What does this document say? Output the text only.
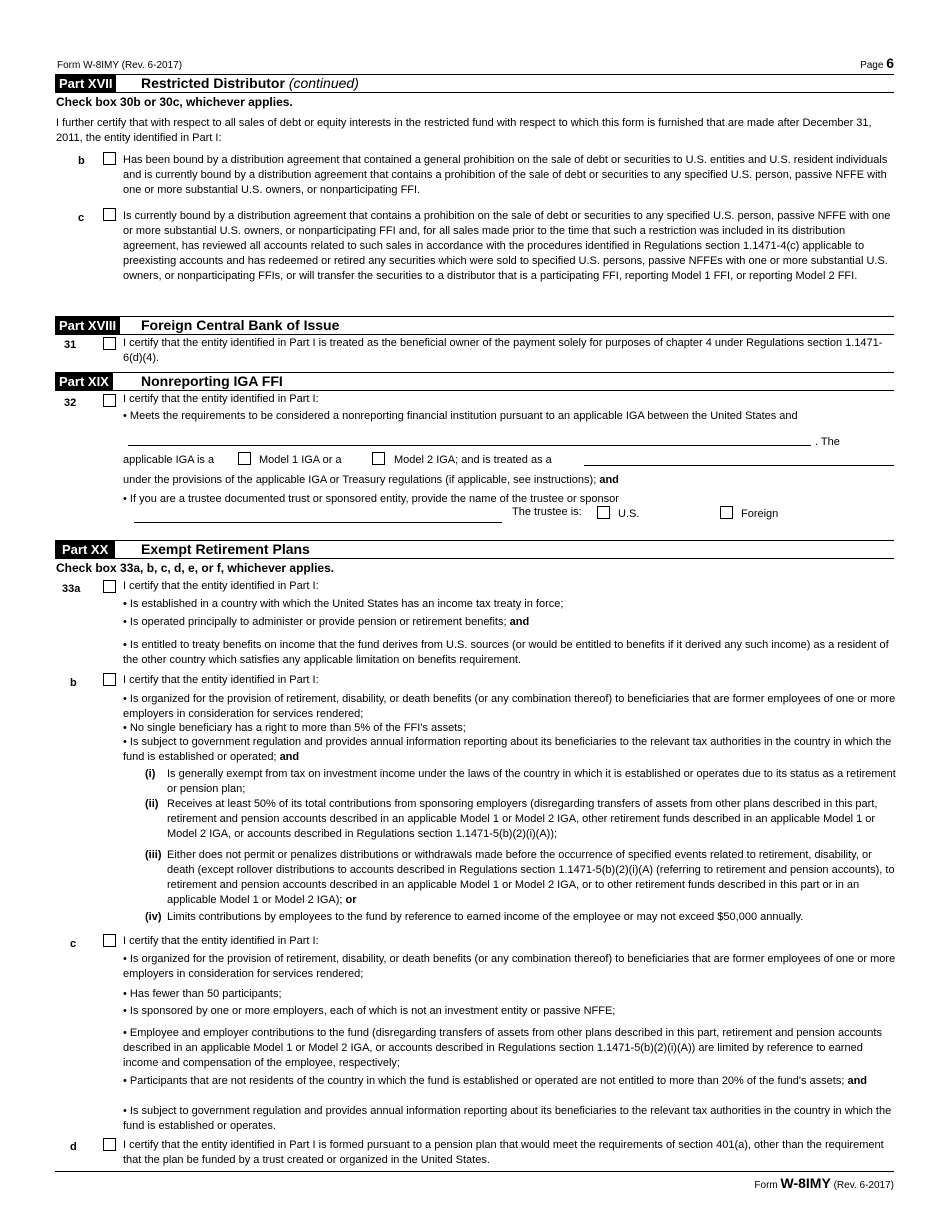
Form W-8IMY (Rev. 6-2017)	Page 6
Part XVII Restricted Distributor (continued)
Check box 30b or 30c, whichever applies.
I further certify that with respect to all sales of debt or equity interests in the restricted fund with respect to which this form is furnished that are made after December 31, 2011, the entity identified in Part I:
b	Has been bound by a distribution agreement that contained a general prohibition on the sale of debt or securities to U.S. entities and U.S. resident individuals and is currently bound by a distribution agreement that contains a prohibition of the sale of debt or securities to any specified U.S. person, passive NFFE with one or more substantial U.S. owners, or nonparticipating FFI.
c	Is currently bound by a distribution agreement that contains a prohibition on the sale of debt or securities to any specified U.S. person, passive NFFE with one or more substantial U.S. owners, or nonparticipating FFI and, for all sales made prior to the time that such a restriction was included in its distribution agreement, has reviewed all accounts related to such sales in accordance with the procedures identified in Regulations section 1.1471-4(c) applicable to preexisting accounts and has redeemed or retired any securities which were sold to specified U.S. persons, passive NFFEs with one or more substantial U.S. owners, or nonparticipating FFIs, or will transfer the securities to a distributor that is a participating FFI, reporting Model 1 FFI, or reporting Model 2 FFI.
Part XVIII Foreign Central Bank of Issue
31	I certify that the entity identified in Part I is treated as the beneficial owner of the payment solely for purposes of chapter 4 under Regulations section 1.1471-6(d)(4).
Part XIX Nonreporting IGA FFI
32	I certify that the entity identified in Part I:
• Meets the requirements to be considered a nonreporting financial institution pursuant to an applicable IGA between the United States and
. The
applicable IGA is a	Model 1 IGA or a	Model 2 IGA; and is treated as a
under the provisions of the applicable IGA or Treasury regulations (if applicable, see instructions); and
• If you are a trustee documented trust or sponsored entity, provide the name of the trustee or sponsor
The trustee is:	U.S.	Foreign
Part XX	Exempt Retirement Plans
Check box 33a, b, c, d, e, or f, whichever applies.
33a	I certify that the entity identified in Part I:
• Is established in a country with which the United States has an income tax treaty in force;
• Is operated principally to administer or provide pension or retirement benefits; and
• Is entitled to treaty benefits on income that the fund derives from U.S. sources (or would be entitled to benefits if it derived any such income) as a resident of the other country which satisfies any applicable limitation on benefits requirement.
b	I certify that the entity identified in Part I:
• Is organized for the provision of retirement, disability, or death benefits (or any combination thereof) to beneficiaries that are former employees of one or more employers in consideration for services rendered;
• No single beneficiary has a right to more than 5% of the FFI's assets;
• Is subject to government regulation and provides annual information reporting about its beneficiaries to the relevant tax authorities in the country in which the fund is established or operated; and
(i) Is generally exempt from tax on investment income under the laws of the country in which it is established or operates due to its status as a retirement or pension plan;
(ii) Receives at least 50% of its total contributions from sponsoring employers (disregarding transfers of assets from other plans described in this part, retirement and pension accounts described in an applicable Model 1 or Model 2 IGA, other retirement funds described in an applicable Model 1 or Model 2 IGA, or accounts described in Regulations section 1.1471-5(b)(2)(i)(A));
(iii) Either does not permit or penalizes distributions or withdrawals made before the occurrence of specified events related to retirement, disability, or death (except rollover distributions to accounts described in Regulations section 1.1471-5(b)(2)(i)(A) (referring to retirement and pension accounts), to retirement and pension accounts described in an applicable Model 1 or Model 2 IGA, or to other retirement funds described in this part or in an applicable Model 1 or Model 2 IGA); or
(iv) Limits contributions by employees to the fund by reference to earned income of the employee or may not exceed $50,000 annually.
c	I certify that the entity identified in Part I:
• Is organized for the provision of retirement, disability, or death benefits (or any combination thereof) to beneficiaries that are former employees of one or more employers in consideration for services rendered;
• Has fewer than 50 participants;
• Is sponsored by one or more employers, each of which is not an investment entity or passive NFFE;
• Employee and employer contributions to the fund (disregarding transfers of assets from other plans described in this part, retirement and pension accounts described in an applicable Model 1 or Model 2 IGA, or accounts described in Regulations section 1.1471-5(b)(2)(i)(A)) are limited by reference to earned income and compensation of the employee, respectively;
• Participants that are not residents of the country in which the fund is established or operated are not entitled to more than 20% of the fund's assets; and
• Is subject to government regulation and provides annual information reporting about its beneficiaries to the relevant tax authorities in the country in which the fund is established or operates.
d	I certify that the entity identified in Part I is formed pursuant to a pension plan that would meet the requirements of section 401(a), other than the requirement that the plan be funded by a trust created or organized in the United States.
Form W-8IMY (Rev. 6-2017)
